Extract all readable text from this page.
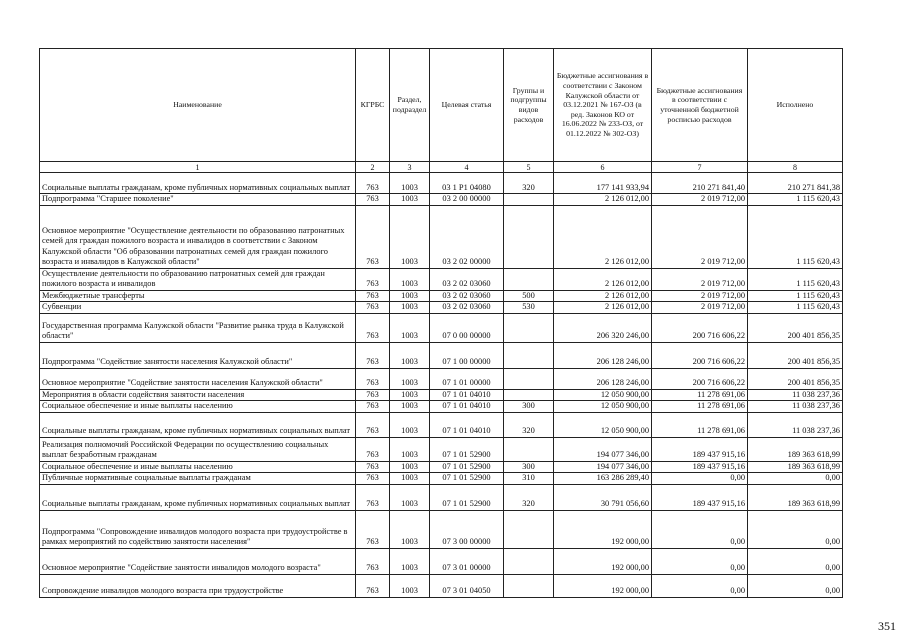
Наименование	КГРБС	Раздел, подраздел	Целевая статья	Группы и подгруппы видов расходов	Бюджетные ассигнования в соответствии с Законом Калужской области от 03.12.2021 № 167-ОЗ (в ред. Законов КО от 16.06.2022 № 233-ОЗ, от 01.12.2022 № 302-ОЗ)	Бюджетные ассигнования в соответствии с уточненной бюджетной росписью расходов	Исполнено
1	2	3	4	5	6	7	8
Социальные выплаты гражданам, кроме публичных нормативных социальных выплат	763	1003	03 1 Р1 04080	320	177 141 933,94	210 271 841,40	210 271 841,38
Подпрограмма "Старшее поколение"	763	1003	03 2 00 00000		2 126 012,00	2 019 712,00	1 115 620,43
Основное мероприятие "Осуществление деятельности по образованию патронатных семей для граждан пожилого возраста и инвалидов в соответствии с Законом Калужской области "Об образовании патронатных семей для граждан пожилого возраста и инвалидов в Калужской области"	763	1003	03 2 02 00000		2 126 012,00	2 019 712,00	1 115 620,43
Осуществление деятельности по образованию патронатных семей для граждан пожилого возраста и инвалидов	763	1003	03 2 02 03060		2 126 012,00	2 019 712,00	1 115 620,43
Межбюджетные трансферты	763	1003	03 2 02 03060	500	2 126 012,00	2 019 712,00	1 115 620,43
Субвенции	763	1003	03 2 02 03060	530	2 126 012,00	2 019 712,00	1 115 620,43
Государственная программа Калужской области "Развитие рынка труда в Калужской области"	763	1003	07 0 00 00000		206 320 246,00	200 716 606,22	200 401 856,35
Подпрограмма "Содействие занятости населения Калужской области"	763	1003	07 1 00 00000		206 128 246,00	200 716 606,22	200 401 856,35
Основное мероприятие "Содействие занятости населения Калужской области"	763	1003	07 1 01 00000		206 128 246,00	200 716 606,22	200 401 856,35
Мероприятия в области содействия занятости населения	763	1003	07 1 01 04010		12 050 900,00	11 278 691,06	11 038 237,36
Социальное обеспечение и иные выплаты населению	763	1003	07 1 01 04010	300	12 050 900,00	11 278 691,06	11 038 237,36
Социальные выплаты гражданам, кроме публичных нормативных социальных выплат	763	1003	07 1 01 04010	320	12 050 900,00	11 278 691,06	11 038 237,36
Реализация полномочий Российской Федерации по осуществлению социальных выплат безработным гражданам	763	1003	07 1 01 52900		194 077 346,00	189 437 915,16	189 363 618,99
Социальное обеспечение и иные выплаты населению	763	1003	07 1 01 52900	300	194 077 346,00	189 437 915,16	189 363 618,99
Публичные нормативные социальные выплаты гражданам	763	1003	07 1 01 52900	310	163 286 289,40	0,00	0,00
Социальные выплаты гражданам, кроме публичных нормативных социальных выплат	763	1003	07 1 01 52900	320	30 791 056,60	189 437 915,16	189 363 618,99
Подпрограмма "Сопровождение инвалидов молодого возраста при трудоустройстве в рамках мероприятий по содействию занятости населения"	763	1003	07 3 00 00000		192 000,00	0,00	0,00
Основное мероприятие "Содействие занятости инвалидов молодого возраста"	763	1003	07 3 01 00000		192 000,00	0,00	0,00
Сопровождение инвалидов молодого возраста при трудоустройстве	763	1003	07 3 01 04050		192 000,00	0,00	0,00
351
